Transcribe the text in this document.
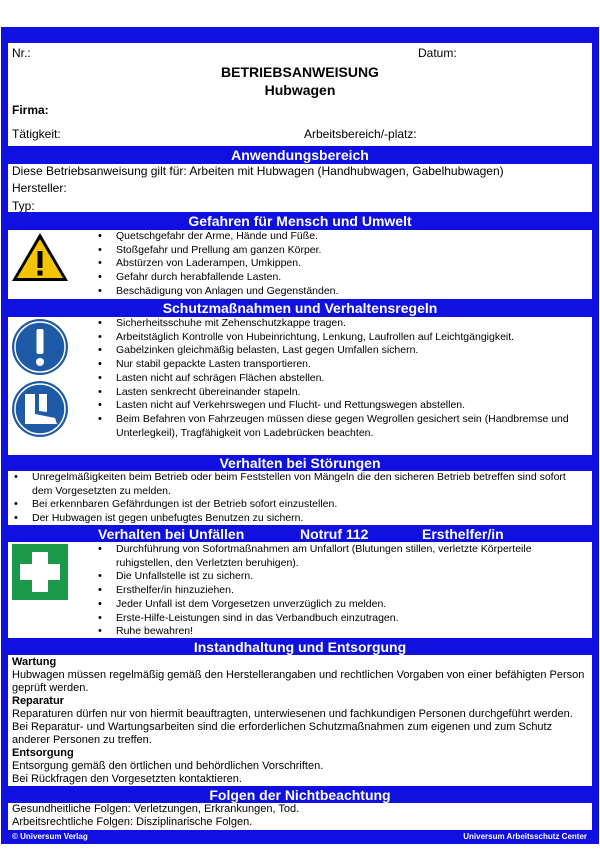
Nr.:	Datum:
BETRIEBSANWEISUNG
Hubwagen
Firma:
Tätigkeit:	Arbeitsbereich/-platz:
Anwendungsbereich
Diese Betriebsanweisung gilt für: Arbeiten mit Hubwagen (Handhubwagen, Gabelhubwagen)
Hersteller:
Typ:
Gefahren für Mensch und Umwelt
• Quetschgefahr der Arme, Hände und Füße.
• Stoßgefahr und Prellung am ganzen Körper.
• Abstürzen von Laderampen, Umkippen.
• Gefahr durch herabfallende Lasten.
• Beschädigung von Anlagen und Gegenständen.
Schutzmaßnahmen und Verhaltensregeln
• Sicherheitsschuhe mit Zehenschutzkappe tragen.
• Arbeitstäglich Kontrolle von Hubeinrichtung, Lenkung, Laufrollen auf Leichtgängigkeit.
• Gabelzinken gleichmäßig belasten, Last gegen Umfallen sichern.
• Nur stabil gepackte Lasten transportieren.
• Lasten nicht auf schrägen Flächen abstellen.
• Lasten senkrecht übereinander stapeln.
• Lasten nicht auf Verkehrswegen und Flucht- und Rettungswegen abstellen.
• Beim Befahren von Fahrzeugen müssen diese gegen Wegrollen gesichert sein (Handbremse und Unterlegkeil), Tragfähigkeit von Ladebrücken beachten.
Verhalten bei Störungen
• Unregelmäßigkeiten beim Betrieb oder beim Feststellen von Mängeln die den sicheren Betrieb betreffen sind sofort dem Vorgesetzten zu melden.
• Bei erkennbaren Gefährdungen ist der Betrieb sofort einzustellen.
• Der Hubwagen ist gegen unbefugtes Benutzen zu sichern.
Verhalten bei Unfällen	Notruf 112	Ersthelfer/in
• Durchführung von Sofortmaßnahmen am Unfallort (Blutungen stillen, verletzte Körperteile ruhigstellen, den Verletzten beruhigen).
• Die Unfallstelle ist zu sichern.
• Ersthelfer/in hinzuziehen.
• Jeder Unfall ist dem Vorgesetzen unverzüglich zu melden.
• Erste-Hilfe-Leistungen sind in das Verbandbuch einzutragen.
• Ruhe bewahren!
Instandhaltung und Entsorgung
Wartung
Hubwagen müssen regelmäßig gemäß den Herstellerangaben und rechtlichen Vorgaben von einer befähigten Person geprüft werden.
Reparatur
Reparaturen dürfen nur von hiermit beauftragten, unterwiesenen und fachkundigen Personen durchgeführt werden. Bei Reparatur- und Wartungsarbeiten sind die erforderlichen Schutzmaßnahmen zum eigenen und zum Schutz anderer Personen zu treffen.
Entsorgung
Entsorgung gemäß den örtlichen und behördlichen Vorschriften.
Bei Rückfragen den Vorgesetzten kontaktieren.
Folgen der Nichtbeachtung
Gesundheitliche Folgen: Verletzungen, Erkrankungen, Tod.
Arbeitsrechtliche Folgen: Disziplinarische Folgen.
© Universum Verlag	Universum Arbeitsschutz Center
